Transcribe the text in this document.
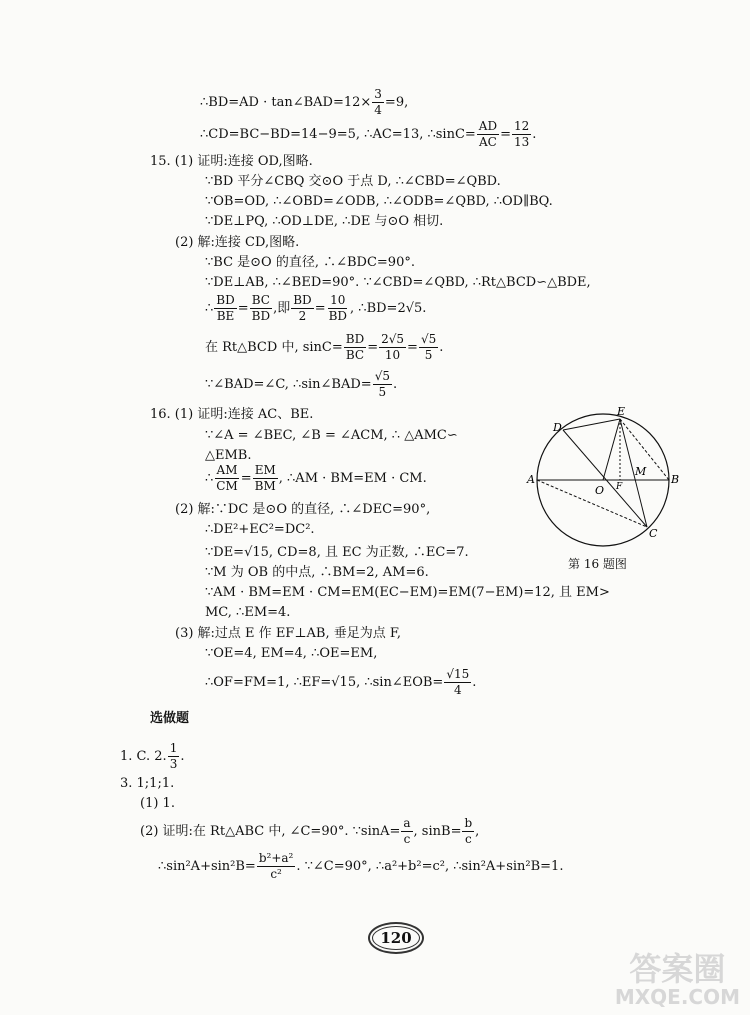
∴BD=AD · tan∠BAD=12× $\frac{3}{4} =9$,
∴CD=BC−BD=14−9=5, ∴AC=13, ∴sinC= $\frac{AD}{AC} = \frac{12}{13}$ .
15. (1) 证明:连接 OD,图略.
∵BD 平分∠CBQ 交⊙O 于点 D, ∴∠CBD=∠QBD.
∵OB=OD, ∴∠OBD=∠ODB, ∴∠ODB=∠QBD, ∴OD∥BQ.
∵DE⊥PQ, ∴OD⊥DE, ∴DE 与⊙O 相切.
(2) 解:连接 CD,图略.
∵BC 是⊙O 的直径, ∴∠BDC=90°.
∵DE⊥AB, ∴∠BED=90°. ∵∠CBD=∠QBD, ∴Rt△BCD∽△BDE,
∴ $\frac{BD}{BE} = \frac{BC}{BD}$ ,即 $\frac{BD}{2} = \frac{10}{BD}$ , ∴BD=2√5.
在 Rt△BCD 中, $\sin C= \frac{BD}{BC} = \frac{2√5}{10} = \frac{√5}{5}$ .
∵∠BAD=∠C, ∴sin∠BAD= $\frac{√5}{5}$ .
16. (1) 证明:连接 AC、BE.
∵∠A = ∠BEC, ∠B = ∠ACM, ∴ △AMC∽
△EMB.
∴ $\frac{AM}{CM} = \frac{EM}{BM}$ , ∴AM · BM=EM · CM.
(2) 解:∵DC 是⊙O 的直径, ∴∠DEC=90°,
∴DE²+EC²=DC².
∵DE=√15, CD=8, 且 EC 为正数, ∴EC=7.
∵M 为 OB 的中点, ∴BM=2, AM=6.
∵AM · BM=EM · CM=EM(EC−EM)=EM(7−EM)=12, 且 EM>
MC, ∴EM=4.
(3) 解:过点 E 作 EF⊥AB, 垂足为点 F,
∵OE=4, EM=4, ∴OE=EM,
∴OF=FM=1, ∴EF=√15, ∴sin∠EOB= $\frac{√15}{4}$ .
D
E
M
B
A
O F
C
第 16 题图
选做题
1. C. 2. $\frac{1}{3}$ .
3. 1;1;1.
(1) 1.
(2) 证明:在 Rt△ABC 中, ∠C=90°. ∵sinA= $\frac{a}{c}$ , $\sin B= \frac{b}{c}$ ,
∴sin²A+sin²B= $\frac{\text{b²+a²}}{\text{c²}}$ . ∵∠C=90°, ∴a²+b²=c², ∴sin²A+sin²B=1.
120
答案圈
MXQE.COM
